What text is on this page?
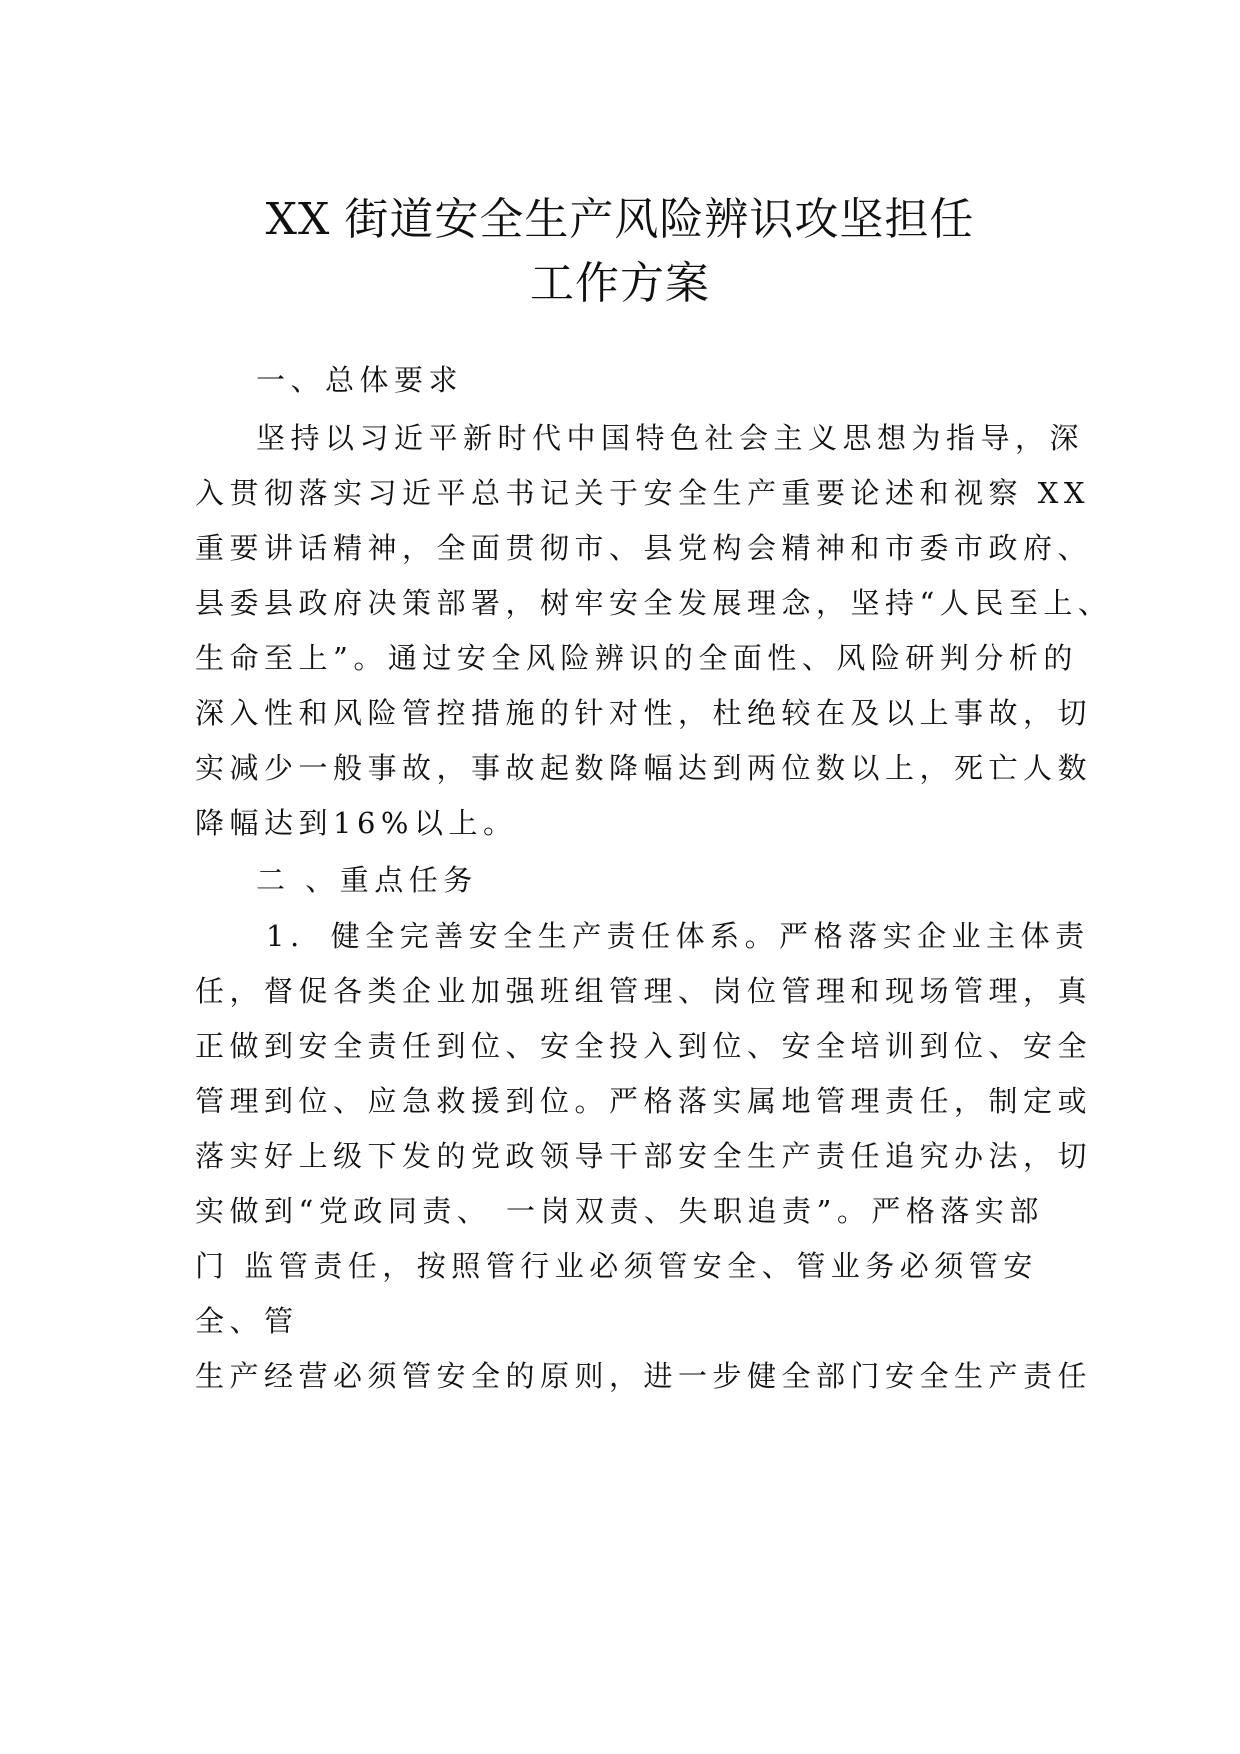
XX 街道安全生产风险辨识攻坚担任
工作方案
一、总体要求
坚持以习近平新时代中国特色社会主义思想为指导，深
入贯彻落实习近平总书记关于安全生产重要论述和视察 XX
重要讲话精神，全面贯彻市、县党构会精神和市委市政府、
县委县政府决策部署，树牢安全发展理念，坚持“人民至上、
生命至上”。通过安全风险辨识的全面性、风险研判分析的
深入性和风险管控措施的针对性，杜绝较在及以上事故，切
实减少一般事故，事故起数降幅达到两位数以上，死亡人数
降幅达到16%以上。
二 、重点任务
1. 健全完善安全生产责任体系。严格落实企业主体责
任，督促各类企业加强班组管理、岗位管理和现场管理，真
正做到安全责任到位、安全投入到位、安全培训到位、安全
管理到位、应急救援到位。严格落实属地管理责任，制定或
落实好上级下发的党政领导干部安全生产责任追究办法，切
实做到“党政同责、 一岗双责、失职追责”。严格落实部
门 监管责任，按照管行业必须管安全、管业务必须管安
全、管
生产经营必须管安全的原则，进一步健全部门安全生产责任
